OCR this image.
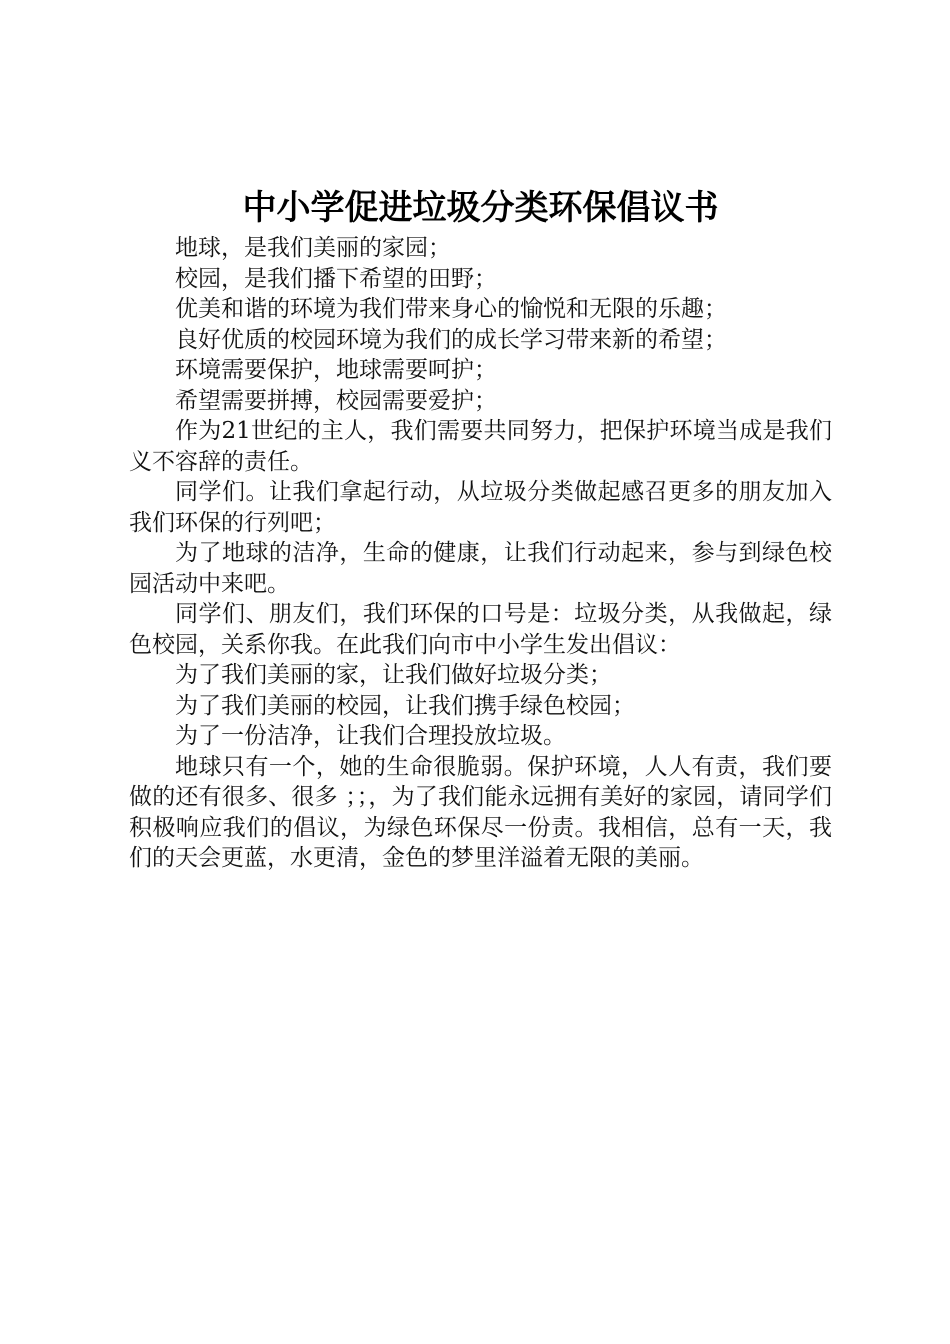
中小学促进垃圾分类环保倡议书

地球，是我们美丽的家园；

校园，是我们播下希望的田野；

优美和谐的环境为我们带来身心的愉悦和无限的乐趣；

良好优质的校园环境为我们的成长学习带来新的希望；

环境需要保护，地球需要呵护；

希望需要拼搏，校园需要爱护；

作为21世纪的主人，我们需要共同努力，把保护环境当成是我们义不容辞的责任。

同学们。让我们拿起行动，从垃圾分类做起感召更多的朋友加入我们环保的行列吧；

为了地球的洁净，生命的健康，让我们行动起来，参与到绿色校园活动中来吧。

同学们、朋友们，我们环保的口号是：垃圾分类，从我做起，绿色校园，关系你我。在此我们向市中小学生发出倡议：

为了我们美丽的家，让我们做好垃圾分类；

为了我们美丽的校园，让我们携手绿色校园；

为了一份洁净，让我们合理投放垃圾。

地球只有一个，她的生命很脆弱。保护环境，人人有责，我们要做的还有很多、很多 ；；，为了我们能永远拥有美好的家园，请同学们积极响应我们的倡议，为绿色环保尽一份责。我相信，总有一天，我们的天会更蓝，水更清，金色的梦里洋溢着无限的美丽。
